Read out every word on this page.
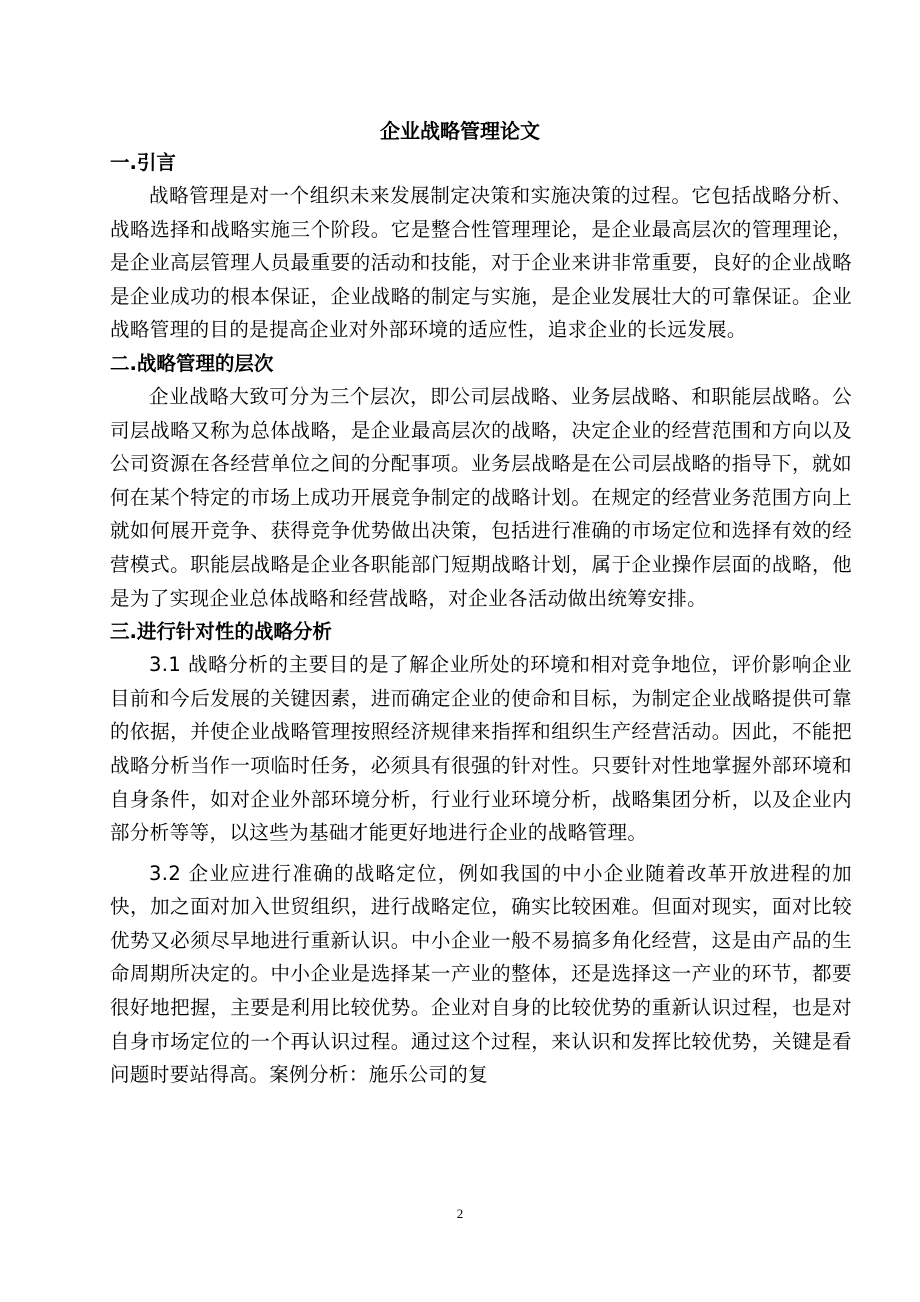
企业战略管理论文
一.引言

战略管理是对一个组织未来发展制定决策和实施决策的过程。它包括战略分析、战略选择和战略实施三个阶段。它是整合性管理理论，是企业最高层次的管理理论，是企业高层管理人员最重要的活动和技能，对于企业来讲非常重要，良好的企业战略是企业成功的根本保证，企业战略的制定与实施，是企业发展壮大的可靠保证。企业战略管理的目的是提高企业对外部环境的适应性，追求企业的长远发展。

二.战略管理的层次

企业战略大致可分为三个层次，即公司层战略、业务层战略、和职能层战略。公司层战略又称为总体战略，是企业最高层次的战略，决定企业的经营范围和方向以及公司资源在各经营单位之间的分配事项。业务层战略是在公司层战略的指导下，就如何在某个特定的市场上成功开展竞争制定的战略计划。在规定的经营业务范围方向上就如何展开竞争、获得竞争优势做出决策，包括进行准确的市场定位和选择有效的经营模式。职能层战略是企业各职能部门短期战略计划，属于企业操作层面的战略，他是为了实现企业总体战略和经营战略，对企业各活动做出统筹安排。

三.进行针对性的战略分析

3.1 战略分析的主要目的是了解企业所处的环境和相对竞争地位，评价影响企业目前和今后发展的关键因素，进而确定企业的使命和目标，为制定企业战略提供可靠的依据，并使企业战略管理按照经济规律来指挥和组织生产经营活动。因此，不能把战略分析当作一项临时任务，必须具有很强的针对性。只要针对性地掌握外部环境和自身条件，如对企业外部环境分析，行业行业环境分析，战略集团分析，以及企业内部分析等等，以这些为基础才能更好地进行企业的战略管理。

3.2 企业应进行准确的战略定位，例如我国的中小企业随着改革开放进程的加快，加之面对加入世贸组织，进行战略定位，确实比较困难。但面对现实，面对比较优势又必须尽早地进行重新认识。中小企业一般不易搞多角化经营，这是由产品的生命周期所决定的。中小企业是选择某一产业的整体，还是选择这一产业的环节，都要很好地把握，主要是利用比较优势。企业对自身的比较优势的重新认识过程，也是对自身市场定位的一个再认识过程。通过这个过程，来认识和发挥比较优势，关键是看问题时要站得高。案例分析：施乐公司的复

2
